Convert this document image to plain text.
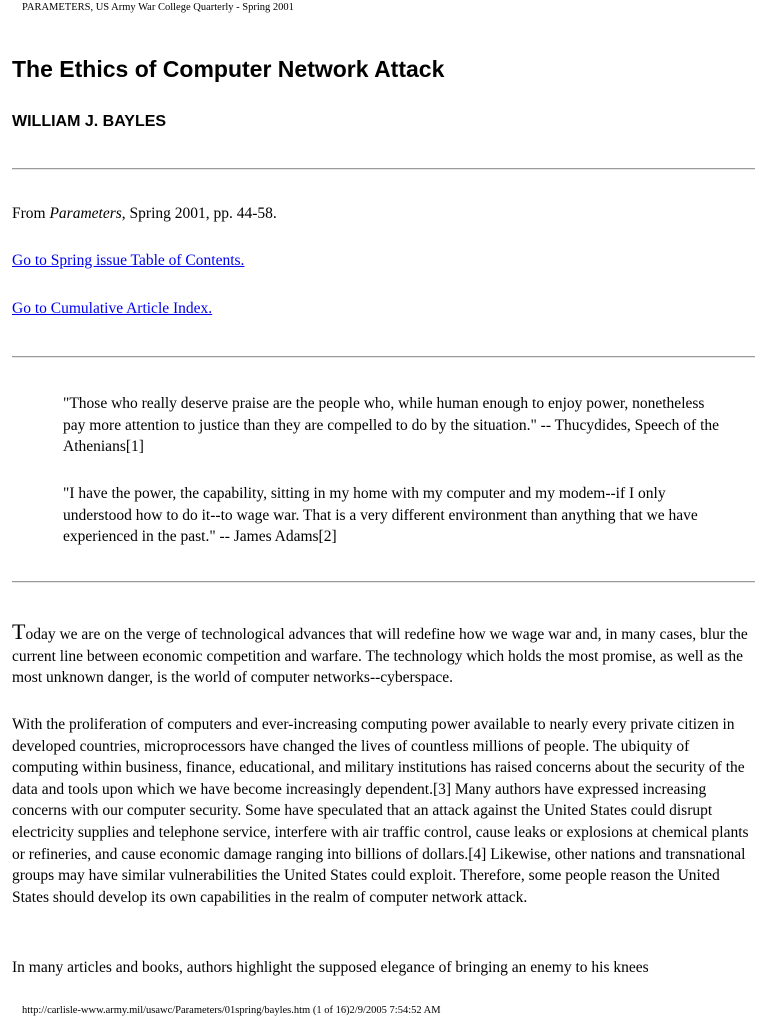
PARAMETERS, US Army War College Quarterly - Spring 2001
The Ethics of Computer Network Attack
WILLIAM J. BAYLES

From Parameters, Spring 2001, pp. 44-58.

Go to Spring issue Table of Contents.

Go to Cumulative Article Index.

"Those who really deserve praise are the people who, while human enough to enjoy power, nonetheless pay more attention to justice than they are compelled to do by the situation." -- Thucydides, Speech of the Athenians[1]

"I have the power, the capability, sitting in my home with my computer and my modem--if I only understood how to do it--to wage war. That is a very different environment than anything that we have experienced in the past." -- James Adams[2]

Today we are on the verge of technological advances that will redefine how we wage war and, in many cases, blur the current line between economic competition and warfare. The technology which holds the most promise, as well as the most unknown danger, is the world of computer networks--cyberspace.

With the proliferation of computers and ever-increasing computing power available to nearly every private citizen in developed countries, microprocessors have changed the lives of countless millions of people. The ubiquity of computing within business, finance, educational, and military institutions has raised concerns about the security of the data and tools upon which we have become increasingly dependent.[3] Many authors have expressed increasing concerns with our computer security. Some have speculated that an attack against the United States could disrupt electricity supplies and telephone service, interfere with air traffic control, cause leaks or explosions at chemical plants or refineries, and cause economic damage ranging into billions of dollars.[4] Likewise, other nations and transnational groups may have similar vulnerabilities the United States could exploit. Therefore, some people reason the United States should develop its own capabilities in the realm of computer network attack.

In many articles and books, authors highlight the supposed elegance of bringing an enemy to his knees

http://carlisle-www.army.mil/usawc/Parameters/01spring/bayles.htm (1 of 16)2/9/2005 7:54:52 AM
